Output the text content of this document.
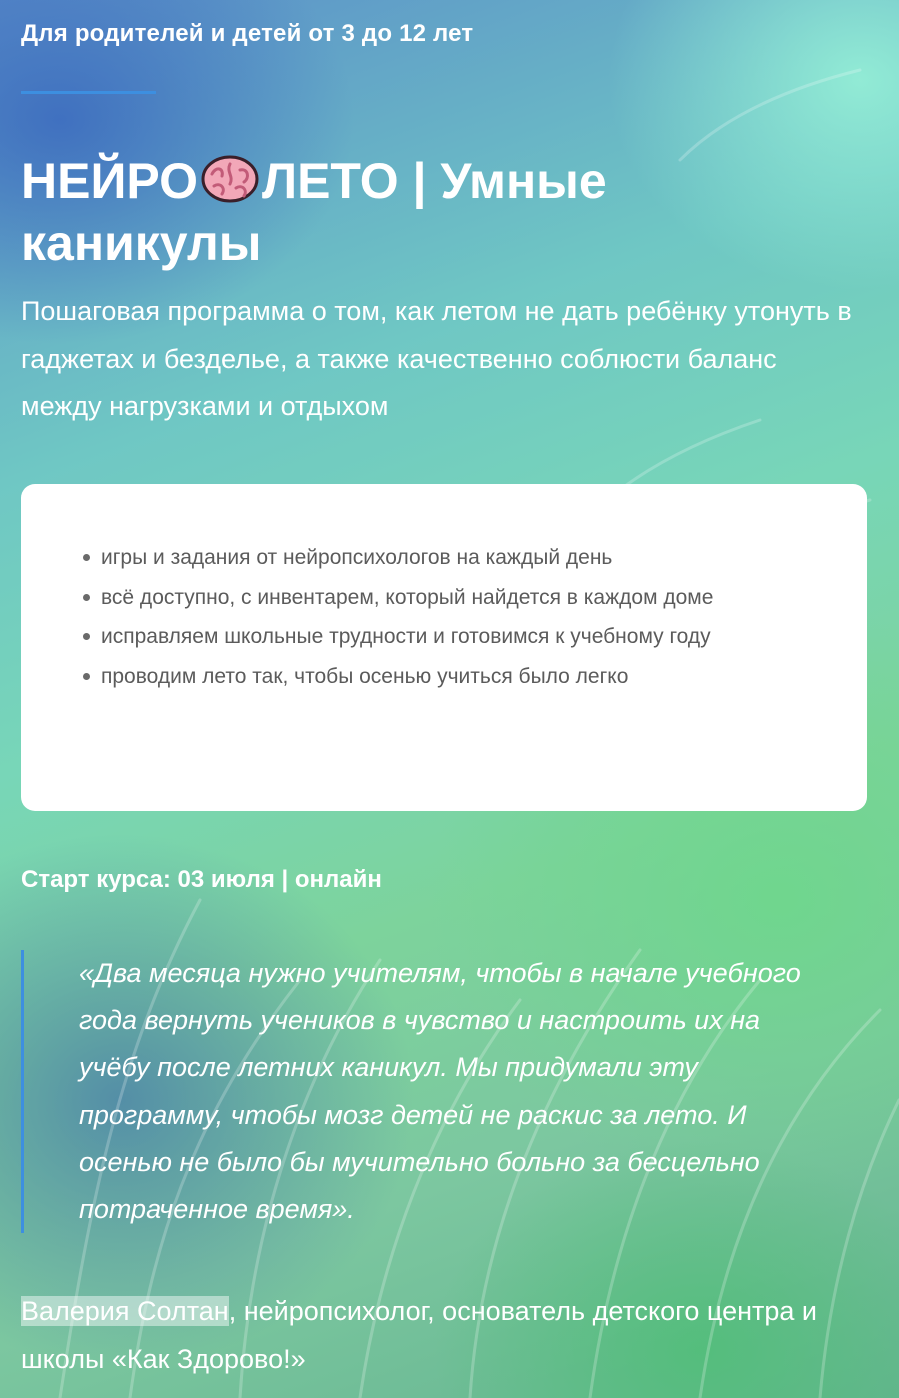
Для родителей и детей от 3 до 12 лет
НЕЙРО ЛЕТО | Умные каникулы

Пошаговая программа о том, как летом не дать ребёнку утонуть в гаджетах и безделье, а также качественно соблюсти баланс между нагрузками и отдыхом

игры и задания от нейропсихологов на каждый день
всё доступно, с инвентарем, который найдется в каждом доме
исправляем школьные трудности и готовимся к учебному году
проводим лето так, чтобы осенью учиться было легко
Старт курса: 03 июля | онлайн

«Два месяца нужно учителям, чтобы в начале учебного года вернуть учеников в чувство и настроить их на учёбу после летних каникул. Мы придумали эту программу, чтобы мозг детей не раскис за лето. И осенью не было бы мучительно больно за бесцельно потраченное время».

Валерия Солтан, нейропсихолог, основатель детского центра и школы «Как Здорово!»
